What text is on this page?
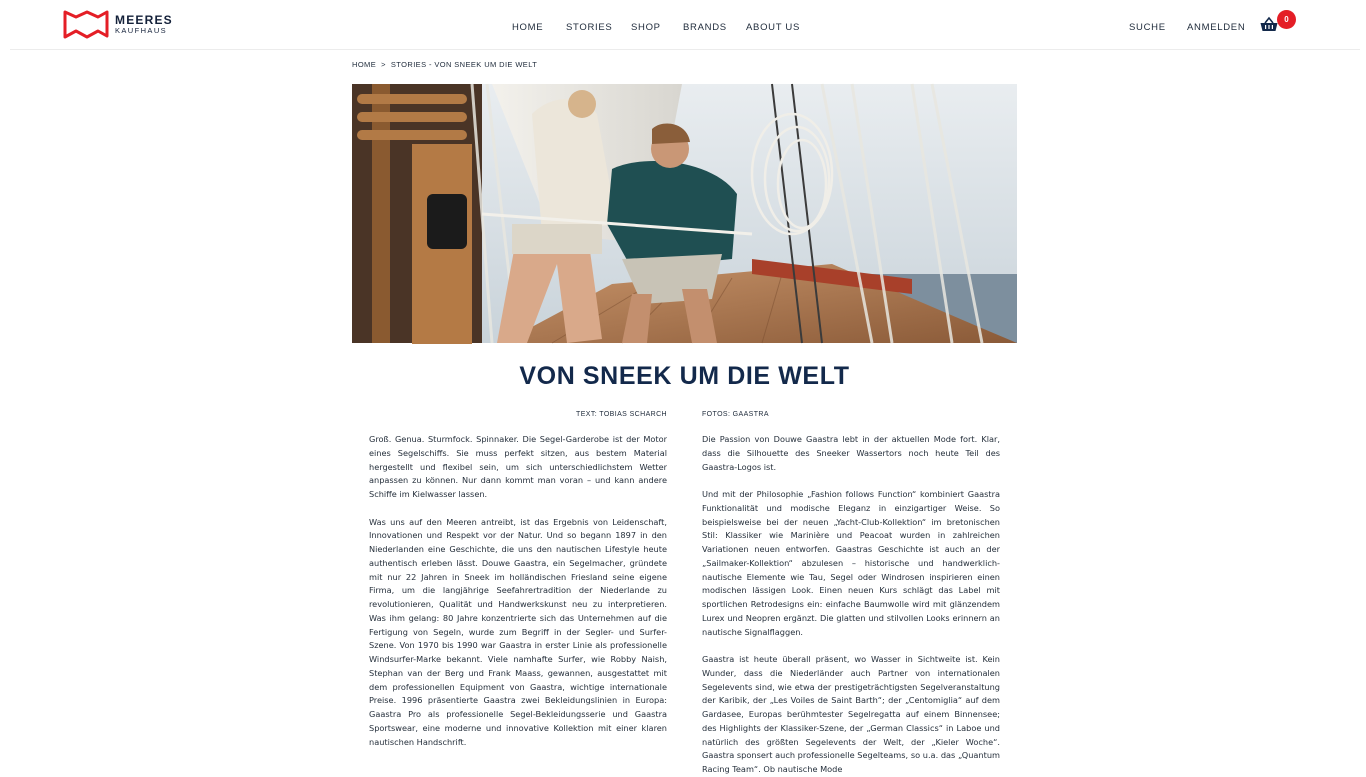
MEERES
KAUFHAUS	HOME STORIES SHOP BRANDS ABOUT US	SUCHE ANMELDEN
0
HOME > STORIES - VON SNEEK UM DIE WELT
VON SNEEK UM DIE WELT
TEXT: TOBIAS SCHARCH	FOTOS: GAASTRA

Groß. Genua. Sturmfock. Spinnaker. Die Segel-Garderobe ist der Motor eines Segelschiffs. Sie muss perfekt sitzen, aus bestem Material hergestellt und flexibel sein, um sich unterschiedlichstem Wetter anpassen zu können. Nur dann kommt man voran – und kann andere Schiffe im Kielwasser lassen.

Was uns auf den Meeren antreibt, ist das Ergebnis von Leidenschaft, Innovationen und Respekt vor der Natur. Und so begann 1897 in den Niederlanden eine Geschichte, die uns den nautischen Lifestyle heute authentisch erleben lässt. Douwe Gaastra, ein Segelmacher, gründete mit nur 22 Jahren in Sneek im holländischen Friesland seine eigene Firma, um die langjährige Seefahrertradition der Niederlande zu revolutionieren, Qualität und Handwerkskunst neu zu interpretieren. Was ihm gelang: 80 Jahre konzentrierte sich das Unternehmen auf die Fertigung von Segeln, wurde zum Begriff in der Segler- und Surfer-Szene. Von 1970 bis 1990 war Gaastra in erster Linie als professionelle Windsurfer-Marke bekannt. Viele namhafte Surfer, wie Robby Naish, Stephan van der Berg und Frank Maass, gewannen, ausgestattet mit dem professionellen Equipment von Gaastra, wichtige internationale Preise. 1996 präsentierte Gaastra zwei Bekleidungslinien in Europa: Gaastra Pro als professionelle Segel-Bekleidungsserie und Gaastra Sportswear, eine moderne und innovative Kollektion mit einer klaren nautischen Handschrift.

Die Passion von Douwe Gaastra lebt in der aktuellen Mode fort. Klar, dass die Silhouette des Sneeker Wassertors noch heute Teil des Gaastra-Logos ist.

Und mit der Philosophie „Fashion follows Function“ kombiniert Gaastra Funktionalität und modische Eleganz in einzigartiger Weise. So beispielsweise bei der neuen „Yacht-Club-Kollektion“ im bretonischen Stil: Klassiker wie Marinière und Peacoat wurden in zahlreichen Variationen neuen entworfen. Gaastras Geschichte ist auch an der „Sailmaker-Kollektion“ abzulesen – historische und handwerklich-nautische Elemente wie Tau, Segel oder Windrosen inspirieren einen modischen lässigen Look. Einen neuen Kurs schlägt das Label mit sportlichen Retrodesigns ein: einfache Baumwolle wird mit glänzendem Lurex und Neopren ergänzt. Die glatten und stilvollen Looks erinnern an nautische Signalflaggen.

Gaastra ist heute überall präsent, wo Wasser in Sichtweite ist. Kein Wunder, dass die Niederländer auch Partner von internationalen Segelevents sind, wie etwa der prestigeträchtigsten Segelveranstaltung der Karibik, der „Les Voiles de Saint Barth“; der „Centomiglia“ auf dem Gardasee, Europas berühmtester Segelregatta auf einem Binnensee; des Highlights der Klassiker-Szene, der „German Classics“ in Laboe und natürlich des größten Segelevents der Welt, der „Kieler Woche“. Gaastra sponsert auch professionelle Segelteams, so u.a. das „Quantum Racing Team“. Ob nautische Mode
